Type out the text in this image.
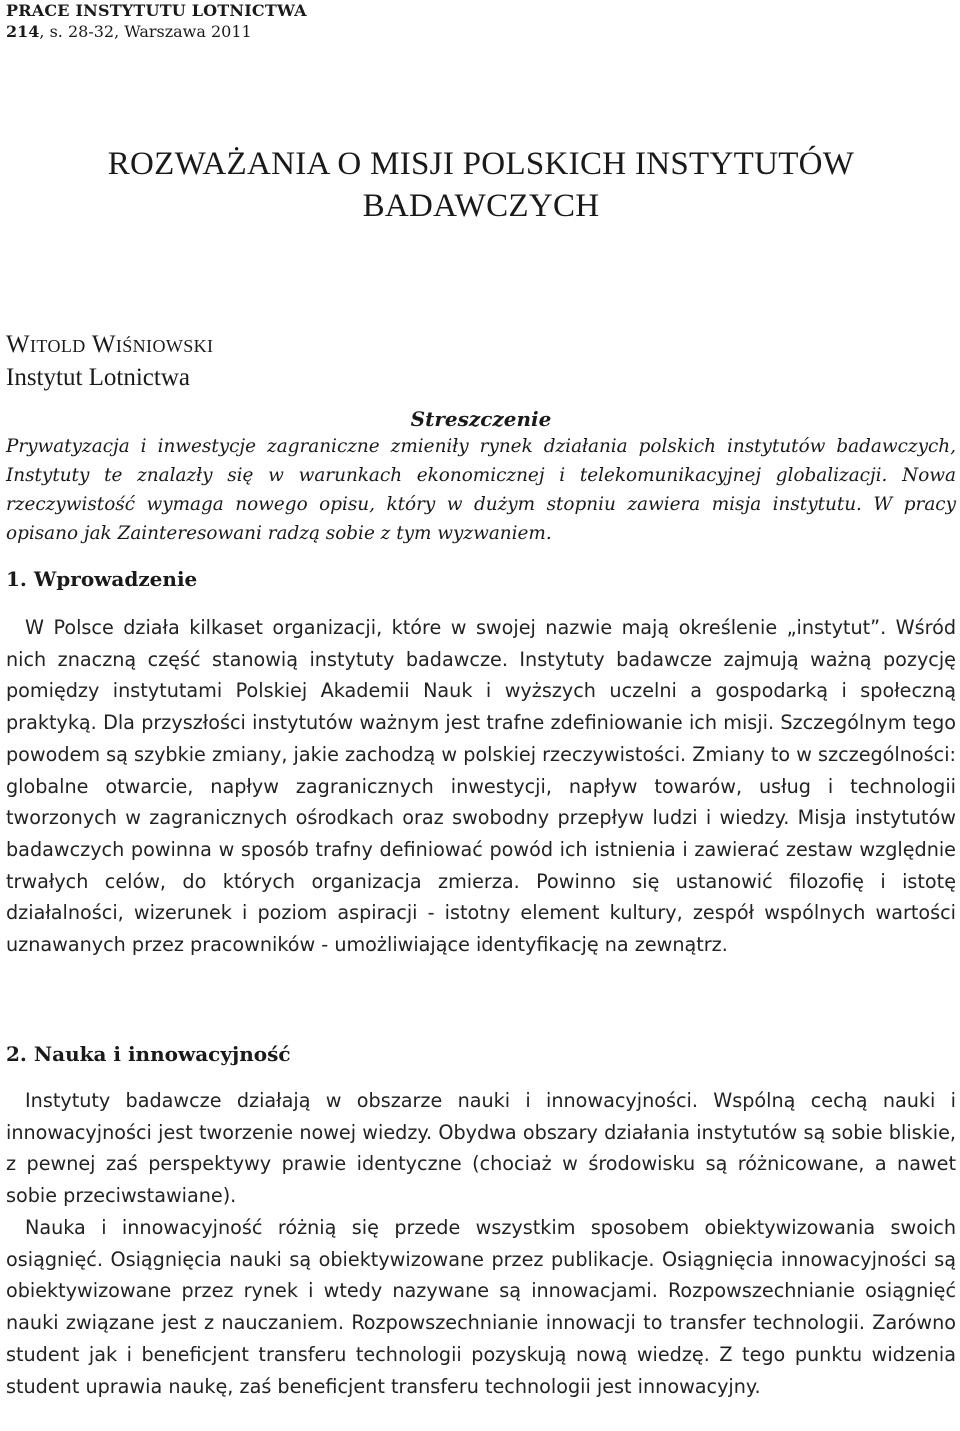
PRACE INSTYTUTU LOTNICTWA
214, s. 28-32, Warszawa 2011
ROZWAŻANIA O MISJI POLSKICH INSTYTUTÓW
BADAWCZYCH
Witold Wiśniowski
Instytut Lotnictwa
Streszczenie

Prywatyzacja i inwestycje zagraniczne zmieniły rynek działania polskich instytutów badawczych, Instytuty te znalazły się w warunkach ekonomicznej i telekomunikacyjnej globalizacji. Nowa rzeczywistość wymaga nowego opisu, który w dużym stopniu zawiera misja instytutu. W pracy opisano jak Zainteresowani radzą sobie z tym wyzwaniem.

1. Wprowadzenie

W Polsce działa kilkaset organizacji, które w swojej nazwie mają określenie „instytut”. Wśród nich znaczną część stanowią instytuty badawcze. Instytuty badawcze zajmują ważną pozycję pomiędzy instytutami Polskiej Akademii Nauk i wyższych uczelni a gospodarką i społeczną praktyką. Dla przyszłości instytutów ważnym jest trafne zdefiniowanie ich misji. Szczególnym tego powodem są szybkie zmiany, jakie zachodzą w polskiej rzeczywistości. Zmiany to w szczególności: globalne otwarcie, napływ zagranicznych inwestycji, napływ towarów, usług i technologii tworzonych w zagranicznych ośrodkach oraz swobodny przepływ ludzi i wiedzy. Misja instytutów badawczych powinna w sposób trafny definiować powód ich istnienia i zawierać zestaw względnie trwałych celów, do których organizacja zmierza. Powinno się ustanowić filozofię i istotę działalności, wizerunek i poziom aspiracji - istotny element kultury, zespół wspólnych wartości uznawanych przez pracowników - umożliwiające identyfikację na zewnątrz.

2. Nauka i innowacyjność

Instytuty badawcze działają w obszarze nauki i innowacyjności. Wspólną cechą nauki i innowacyjności jest tworzenie nowej wiedzy. Obydwa obszary działania instytutów są sobie bliskie, z pewnej zaś perspektywy prawie identyczne (chociaż w środowisku są różnicowane, a nawet sobie przeciwstawiane).

Nauka i innowacyjność różnią się przede wszystkim sposobem obiektywizowania swoich osiągnięć. Osiągnięcia nauki są obiektywizowane przez publikacje. Osiągnięcia innowacyjności są obiektywizowane przez rynek i wtedy nazywane są innowacjami. Rozpowszechnianie osiągnięć nauki związane jest z nauczaniem. Rozpowszechnianie innowacji to transfer technologii. Zarówno student jak i beneficjent transferu technologii pozyskują nową wiedzę. Z tego punktu widzenia student uprawia naukę, zaś beneficjent transferu technologii jest innowacyjny.
